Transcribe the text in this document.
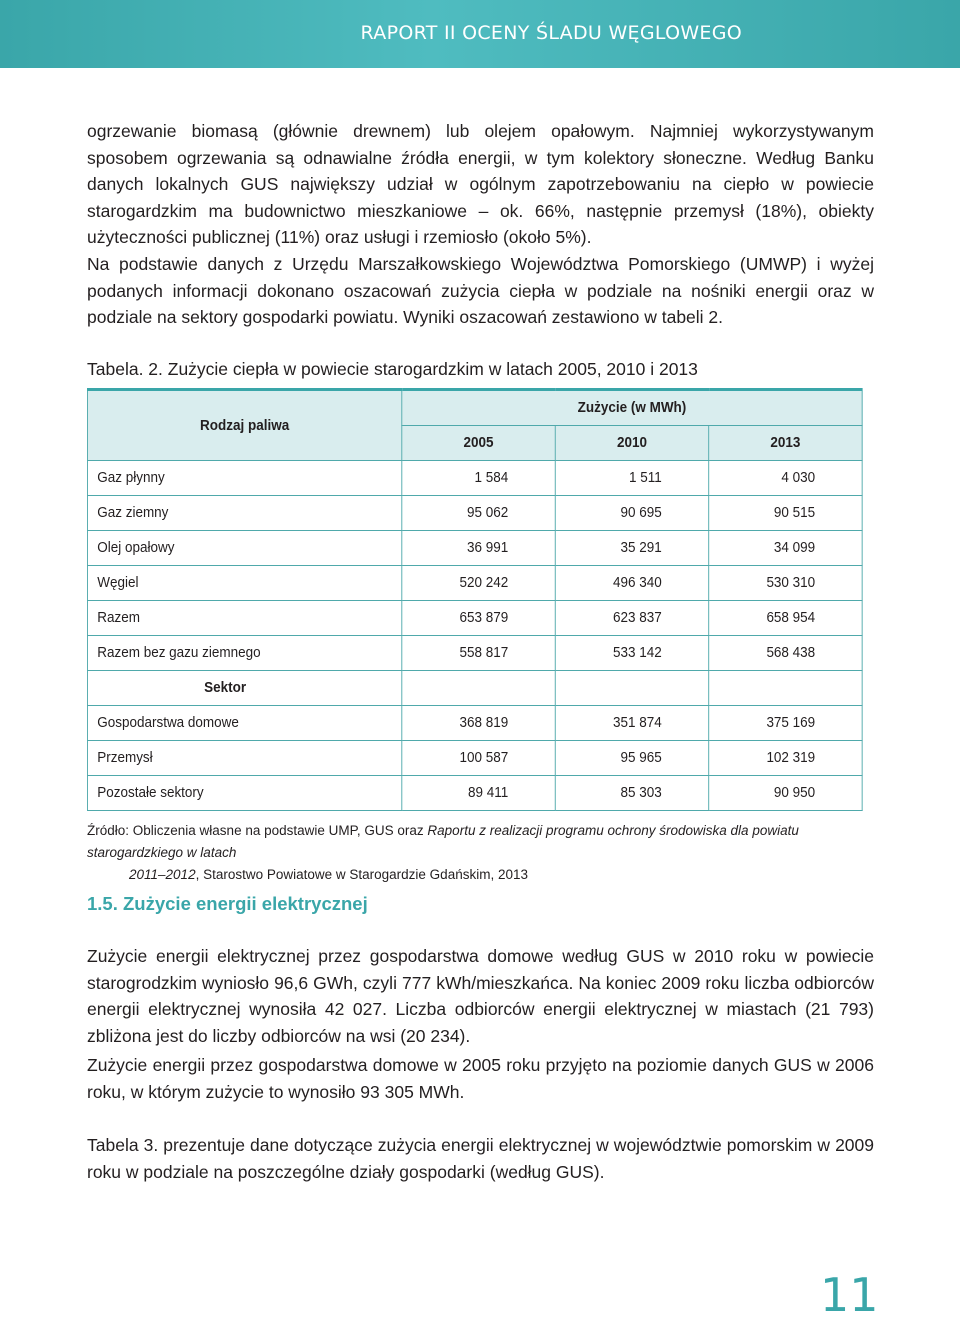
RAPORT II OCENY ŚLADU WĘGLOWEGO

ogrzewanie biomasą (głównie drewnem) lub olejem opałowym. Najmniej wykorzystywanym sposobem ogrzewania są odnawialne źródła energii, w tym kolektory słoneczne. Według Banku danych lokalnych GUS największy udział w ogólnym zapotrzebowaniu na ciepło w powiecie starogardzkim ma budownictwo mieszkaniowe – ok. 66%, następnie przemysł (18%), obiekty użyteczności publicznej (11%) oraz usługi i rzemiosło (około 5%).

Na podstawie danych z Urzędu Marszałkowskiego Województwa Pomorskiego (UMWP) i wyżej podanych informacji dokonano oszacowań zużycia ciepła w podziale na nośniki energii oraz w podziale na sektory gospodarki powiatu. Wyniki oszacowań zestawiono w tabeli 2.

Tabela. 2. Zużycie ciepła w powiecie starogardzkim w latach 2005, 2010 i 2013

Rodzaj paliwa	Zużycie (w MWh)		
	2005	2010	2013
Gaz płynny	1 584	1 511	4 030
Gaz ziemny	95 062	90 695	90 515
Olej opałowy	36 991	35 291	34 099
Węgiel	520 242	496 340	530 310
Razem	653 879	623 837	658 954
Razem bez gazu ziemnego	558 817	533 142	568 438
Sektor			
Gospodarstwa domowe	368 819	351 874	375 169
Przemysł	100 587	95 965	102 319
Pozostałe sektory	89 411	85 303	90 950

Źródło: Obliczenia własne na podstawie UMP, GUS oraz Raportu z realizacji programu ochrony środowiska dla powiatu starogardzkiego w latach
2011–2012, Starostwo Powiatowe w Starogardzie Gdańskim, 2013

1.5. Zużycie energii elektrycznej

Zużycie energii elektrycznej przez gospodarstwa domowe według GUS w 2010 roku w powiecie starogrodzkim wyniosło 96,6 GWh, czyli 777 kWh/mieszkańca. Na koniec 2009 roku liczba odbiorców energii elektrycznej wynosiła 42 027. Liczba odbiorców energii elektrycznej w miastach (21 793) zbliżona jest do liczby odbiorców na wsi (20 234).

Zużycie energii przez gospodarstwa domowe w 2005 roku przyjęto na poziomie danych GUS w 2006 roku, w którym zużycie to wynosiło 93 305 MWh.

Tabela 3. prezentuje dane dotyczące zużycia energii elektrycznej w województwie pomorskim w 2009 roku w podziale na poszczególne działy gospodarki (według GUS).

11
